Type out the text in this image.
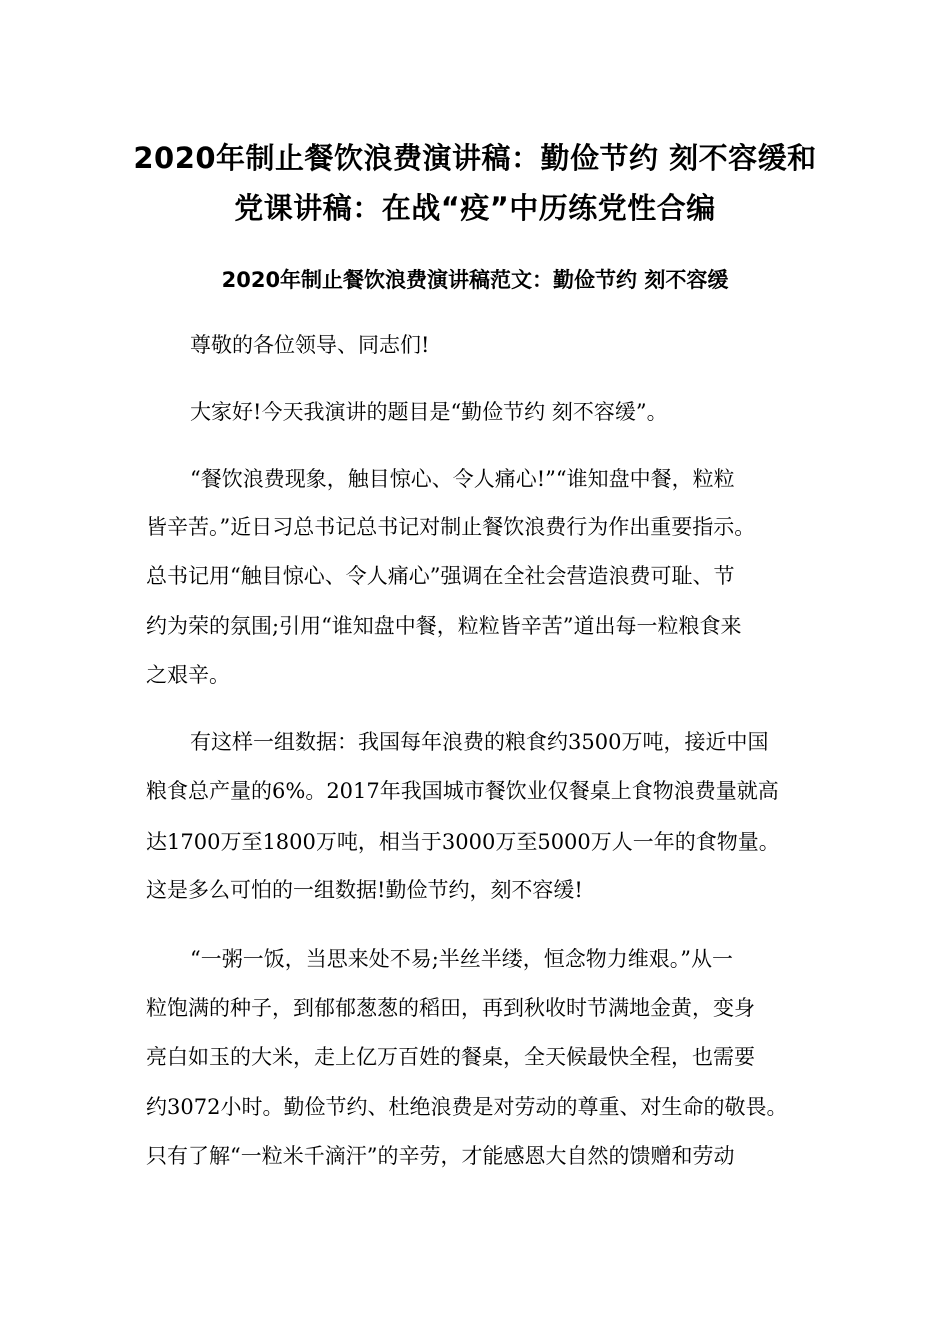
2020年制止餐饮浪费演讲稿：勤俭节约 刻不容缓和
党课讲稿：在战“疫”中历练党性合编
2020年制止餐饮浪费演讲稿范文：勤俭节约 刻不容缓
尊敬的各位领导、同志们!
大家好!今天我演讲的题目是“勤俭节约 刻不容缓”。
“餐饮浪费现象，触目惊心、令人痛心!”“谁知盘中餐，粒粒
皆辛苦。”近日习总书记总书记对制止餐饮浪费行为作出重要指示。
总书记用“触目惊心、令人痛心”强调在全社会营造浪费可耻、节
约为荣的氛围;引用“谁知盘中餐，粒粒皆辛苦”道出每一粒粮食来
之艰辛。
有这样一组数据：我国每年浪费的粮食约3500万吨，接近中国
粮食总产量的6%。2017年我国城市餐饮业仅餐桌上食物浪费量就高
达1700万至1800万吨，相当于3000万至5000万人一年的食物量。
这是多么可怕的一组数据!勤俭节约，刻不容缓!
“一粥一饭，当思来处不易;半丝半缕，恒念物力维艰。”从一
粒饱满的种子，到郁郁葱葱的稻田，再到秋收时节满地金黄，变身
亮白如玉的大米，走上亿万百姓的餐桌，全天候最快全程，也需要
约3072小时。勤俭节约、杜绝浪费是对劳动的尊重、对生命的敬畏。
只有了解“一粒米千滴汗”的辛劳，才能感恩大自然的馈赠和劳动
